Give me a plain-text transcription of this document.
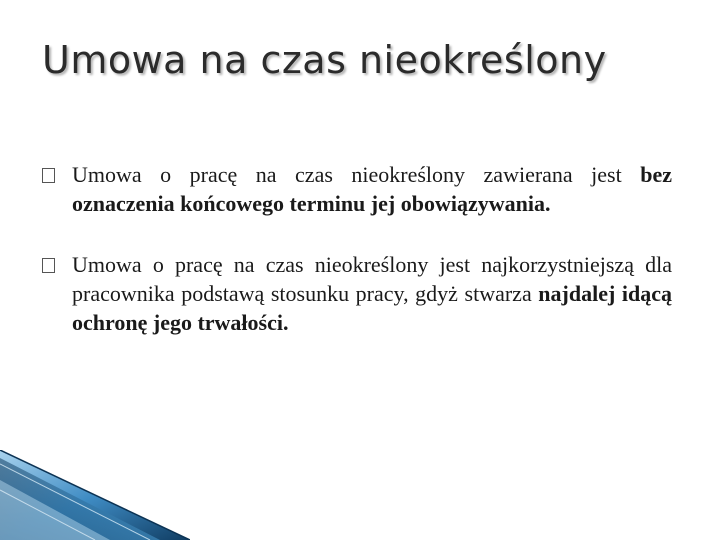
Umowa na czas nieokreślony
Umowa o pracę na czas nieokreślony zawierana jest bez oznaczenia końcowego terminu jej obowiązywania.
Umowa o pracę na czas nieokreślony jest najkorzystniejszą dla pracownika podstawą stosunku pracy, gdyż stwarza najdalej idącą ochronę jego trwałości.
